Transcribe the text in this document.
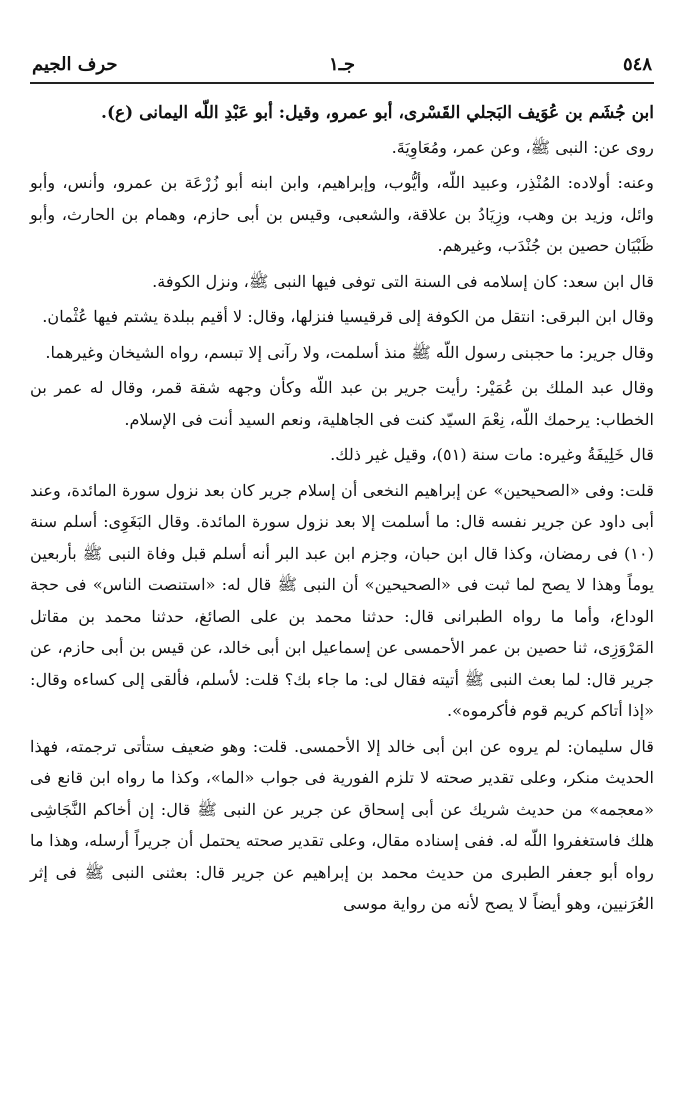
٥٤٨
جـ١
حرف الجيم

ابن جُشَم بن عُوَيف البَجلي القَسْرى، أبو عمرو، وقيل: أبو عَبْدِ اللّه اليمانى (ع).

روى عن: النبى ﷺ، وعن عمر، ومُعَاوِيَةَ.

وعنه: أولاده: المُنْذِر، وعبيد اللّه، وأيُّوب، وإبراهيم، وابن ابنه أبو زُرْعَة بن عمرو، وأنس، وأبو وائل، وزيد بن وهب، وزِيَادُ بن علاقة، والشعبى، وقيس بن أبى حازم، وهمام بن الحارث، وأبو ظَبْيَان حصين بن جُنْدَب، وغيرهم.

قال ابن سعد: كان إسلامه فى السنة التى توفى فيها النبى ﷺ، ونزل الكوفة.

وقال ابن البرقى: انتقل من الكوفة إلى قرقيسيا فنزلها، وقال: لا أقيم ببلدة يشتم فيها عُثْمان.

وقال جرير: ما حجبنى رسول اللّه ﷺ منذ أسلمت، ولا رآنى إلا تبسم، رواه الشيخان وغيرهما.

وقال عبد الملك بن عُمَيْر: رأيت جرير بن عبد اللّه وكأن وجهه شقة قمر، وقال له عمر بن الخطاب: يرحمك اللّه، نِعْمَ السيّد كنت فى الجاهلية، ونعم السيد أنت فى الإسلام.

قال خَلِيفَةُ وغيره: مات سنة (٥١)، وقيل غير ذلك.

قلت: وفى «الصحيحين» عن إبراهيم النخعى أن إسلام جرير كان بعد نزول سورة المائدة، وعند أبى داود عن جرير نفسه قال: ما أسلمت إلا بعد نزول سورة المائدة. وقال البَغَوِى: أسلم سنة (١٠) فى رمضان، وكذا قال ابن حبان، وجزم ابن عبد البر أنه أسلم قبل وفاة النبى ﷺ بأربعين يوماً وهذا لا يصح لما ثبت فى «الصحيحين» أن النبى ﷺ قال له: «استنصت الناس» فى حجة الوداع، وأما ما رواه الطبرانى قال: حدثنا محمد بن على الصائغ، حدثنا محمد بن مقاتل المَرْوَزِى، ثنا حصين بن عمر الأحمسى عن إسماعيل ابن أبى خالد، عن قيس بن أبى حازم، عن جرير قال: لما بعث النبى ﷺ أتيته فقال لى: ما جاء بك؟ قلت: لأسلم، فألقى إلى كساءه وقال: «إذا أتاكم كريم قوم فأكرموه».

قال سليمان: لم يروه عن ابن أبى خالد إلا الأحمسى. قلت: وهو ضعيف ستأتى ترجمته، فهذا الحديث منكر، وعلى تقدير صحته لا تلزم الفورية فى جواب «الما»، وكذا ما رواه ابن قانع فى «معجمه» من حديث شريك عن أبى إسحاق عن جرير عن النبى ﷺ قال: إن أخاكم النَّجَاشِى هلك فاستغفروا اللّه له. ففى إسناده مقال، وعلى تقدير صحته يحتمل أن جريراً أرسله، وهذا ما رواه أبو جعفر الطبرى من حديث محمد بن إبراهيم عن جرير قال: بعثنى النبى ﷺ فى إثر العُرَنيين، وهو أيضاً لا يصح لأنه من رواية موسى
